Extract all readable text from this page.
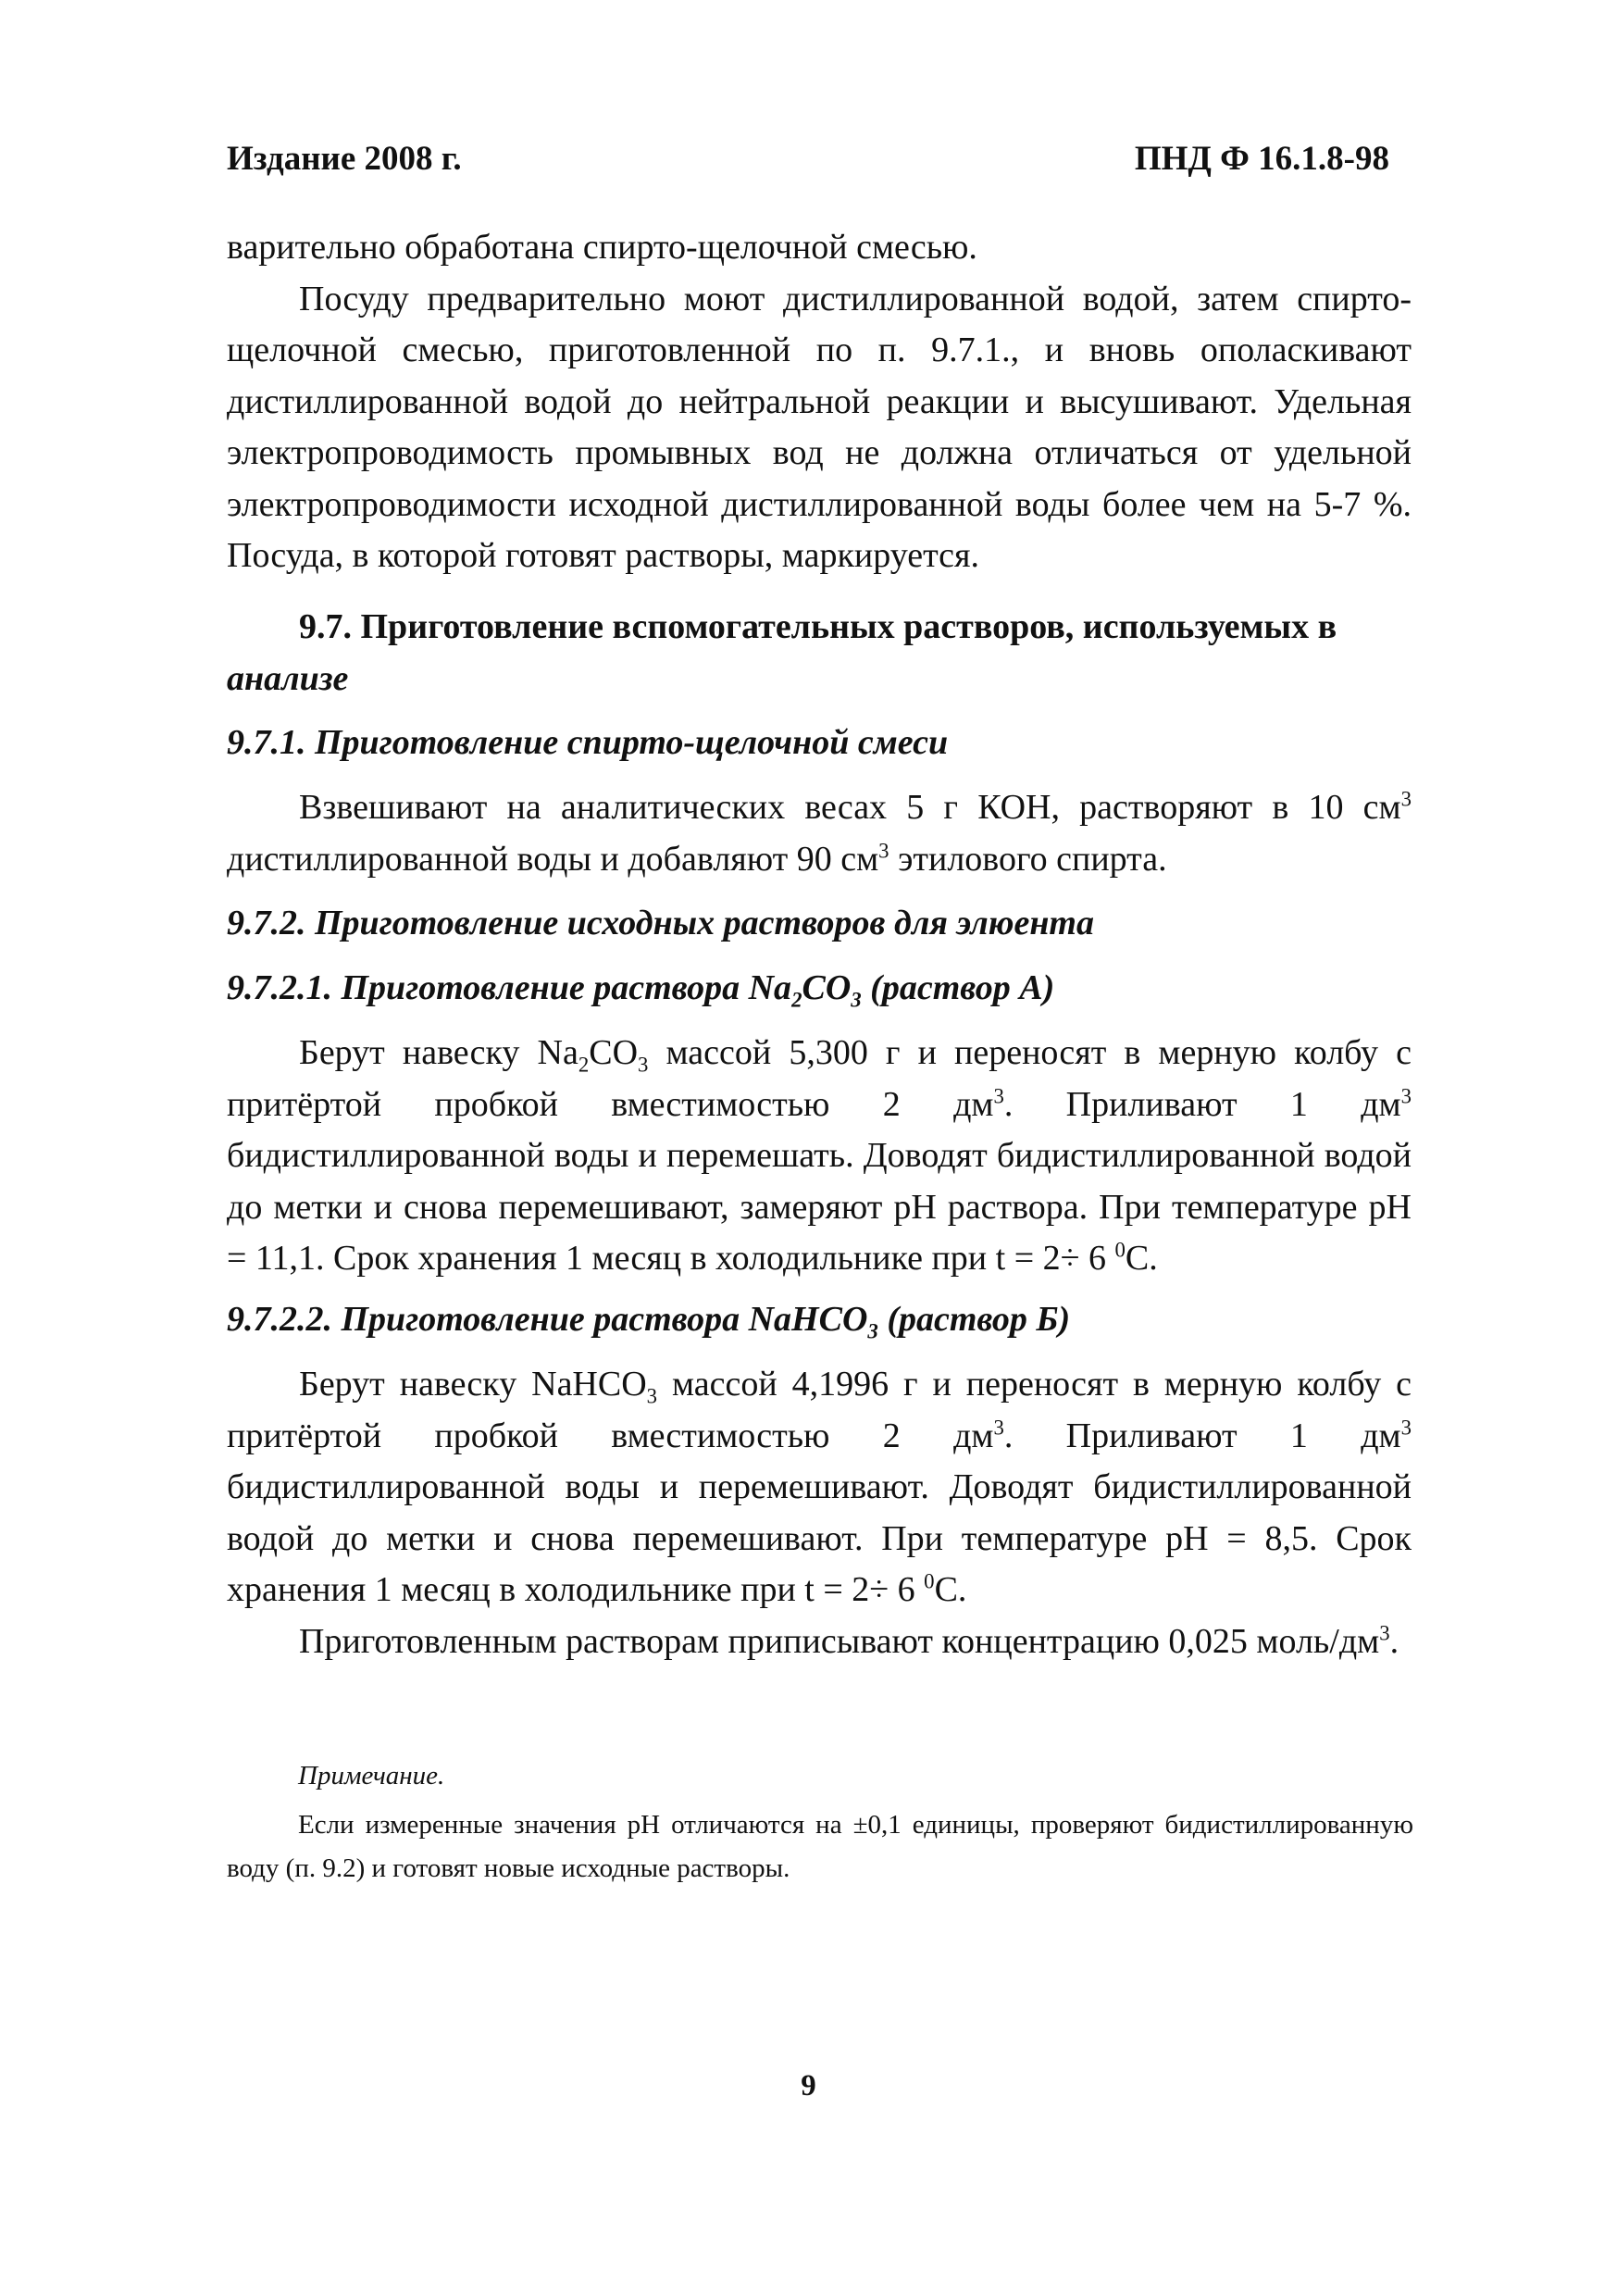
Издание 2008 г.	ПНД Ф 16.1.8-98

варительно обработана спирто-щелочной смесью.

Посуду предварительно моют дистиллированной водой, затем спирто-щелочной смесью, приготовленной по п. 9.7.1., и вновь ополаскивают дистиллированной водой до нейтральной реакции и высушивают. Удельная электропроводимость промывных вод не должна отличаться от удельной электропроводимости исходной дистиллированной воды более чем на 5-7 %. Посуда, в которой готовят растворы, маркируется.

9.7. Приготовление вспомогательных растворов, используемых в

анализе

9.7.1. Приготовление спирто-щелочной смеси

Взвешивают на аналитических весах 5 г КОН, растворяют в 10 $см^3$ дистиллированной воды и добавляют 90 $см^3$ этилового спирта.

9.7.2. Приготовление исходных растворов для элюента

9.7.2.1. Приготовление раствора $Na_2CO_3$ (раствор А)

Берут навеску $Na_2CO_3$ массой 5,300 г и переносят в мерную колбу с притёртой пробкой вместимостью 2 $дм^3$. Приливают 1 $дм^3$ бидистиллированной воды и перемешать. Доводят бидистиллированной водой до метки и снова перемешивают, замеряют pH раствора. При температуре pH = 11,1. Срок хранения 1 месяц в холодильнике при t = 2÷ 6 $^0$С.

9.7.2.2. Приготовление раствора NaHCO$_3$ (раствор Б)

Берут навеску NaHCO$_3$ массой 4,1996 г и переносят в мерную колбу с притёртой пробкой вместимостью 2 $дм^3$. Приливают 1 $дм^3$ бидистиллированной воды и перемешивают. Доводят бидистиллированной водой до метки и снова перемешивают. При температуре pH = 8,5. Срок хранения 1 месяц в холодильнике при t = 2÷ 6 $^0$С.

Приготовленным растворам приписывают концентрацию 0,025 моль/$дм^3$.

Примечание.
Если измеренные значения pH отличаются на ±0,1 единицы, проверяют бидистиллированную воду (п. 9.2) и готовят новые исходные растворы.
9
